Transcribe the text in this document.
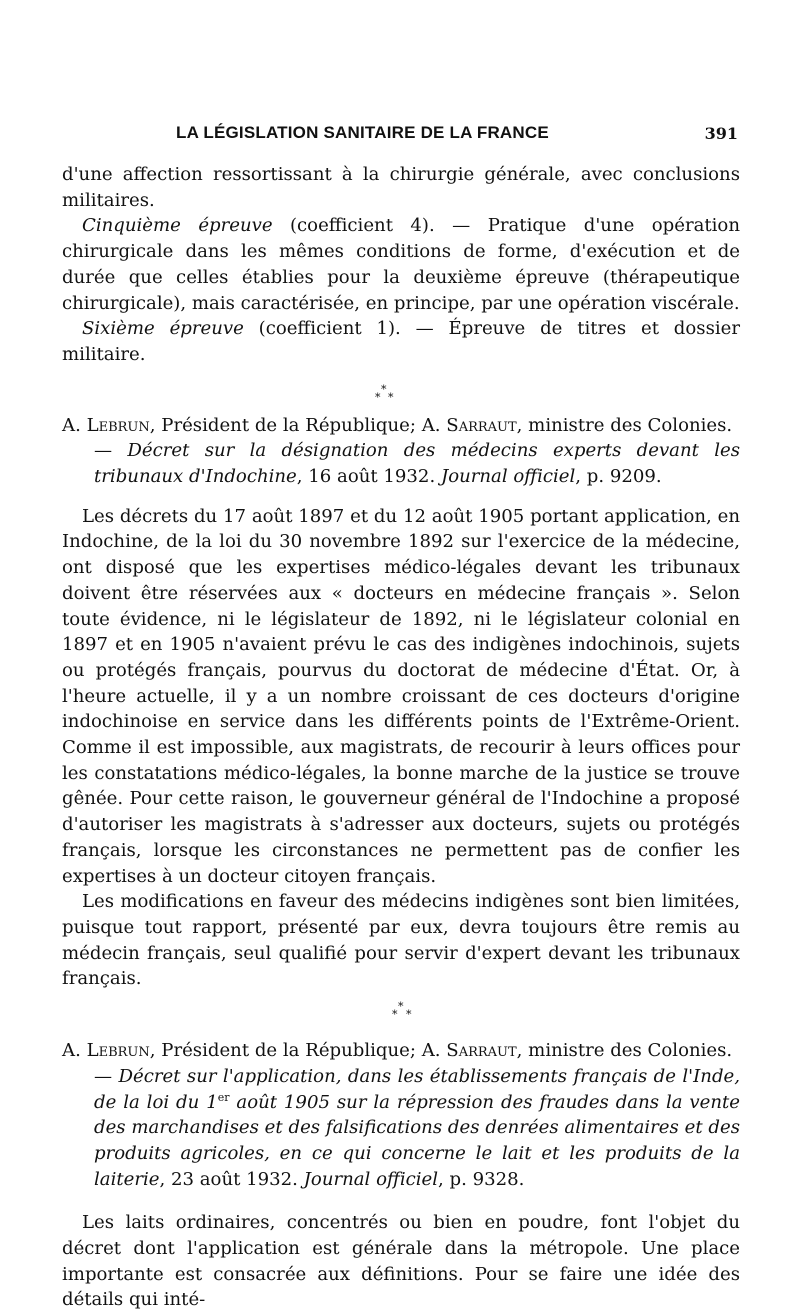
LA LÉGISLATION SANITAIRE DE LA FRANCE	391

d'une affection ressortissant à la chirurgie générale, avec conclusions militaires.

Cinquième épreuve (coefficient 4). — Pratique d'une opération chirurgicale dans les mêmes conditions de forme, d'exécution et de durée que celles établies pour la deuxième épreuve (thérapeutique chirurgicale), mais caractérisée, en principe, par une opération viscérale.

Sixième épreuve (coefficient 1). — Épreuve de titres et dossier militaire.

*
* *

A. Lebrun, Président de la République; A. Sarraut, ministre des Colonies.

— Décret sur la désignation des médecins experts devant les tribunaux d'Indochine, 16 août 1932. Journal officiel, p. 9209.

Les décrets du 17 août 1897 et du 12 août 1905 portant application, en Indochine, de la loi du 30 novembre 1892 sur l'exercice de la médecine, ont disposé que les expertises médico-légales devant les tribunaux doivent être réservées aux « docteurs en médecine français ». Selon toute évidence, ni le législateur de 1892, ni le législateur colonial en 1897 et en 1905 n'avaient prévu le cas des indigènes indochinois, sujets ou protégés français, pourvus du doctorat de médecine d'État. Or, à l'heure actuelle, il y a un nombre croissant de ces docteurs d'origine indochinoise en service dans les différents points de l'Extrême-Orient. Comme il est impossible, aux magistrats, de recourir à leurs offices pour les constatations médico-légales, la bonne marche de la justice se trouve gênée. Pour cette raison, le gouverneur général de l'Indochine a proposé d'autoriser les magistrats à s'adresser aux docteurs, sujets ou protégés français, lorsque les circonstances ne permettent pas de confier les expertises à un docteur citoyen français.

Les modifications en faveur des médecins indigènes sont bien limitées, puisque tout rapport, présenté par eux, devra toujours être remis au médecin français, seul qualifié pour servir d'expert devant les tribunaux français.

*
* *

A. Lebrun, Président de la République; A. Sarraut, ministre des Colonies.

— Décret sur l'application, dans les établissements français de l'Inde, de la loi du 1er août 1905 sur la répression des fraudes dans la vente des marchandises et des falsifications des denrées alimentaires et des produits agricoles, en ce qui concerne le lait et les produits de la laiterie, 23 août 1932. Journal officiel, p. 9328.

Les laits ordinaires, concentrés ou bien en poudre, font l'objet du décret dont l'application est générale dans la métropole. Une place importante est consacrée aux définitions. Pour se faire une idée des détails qui inté-
